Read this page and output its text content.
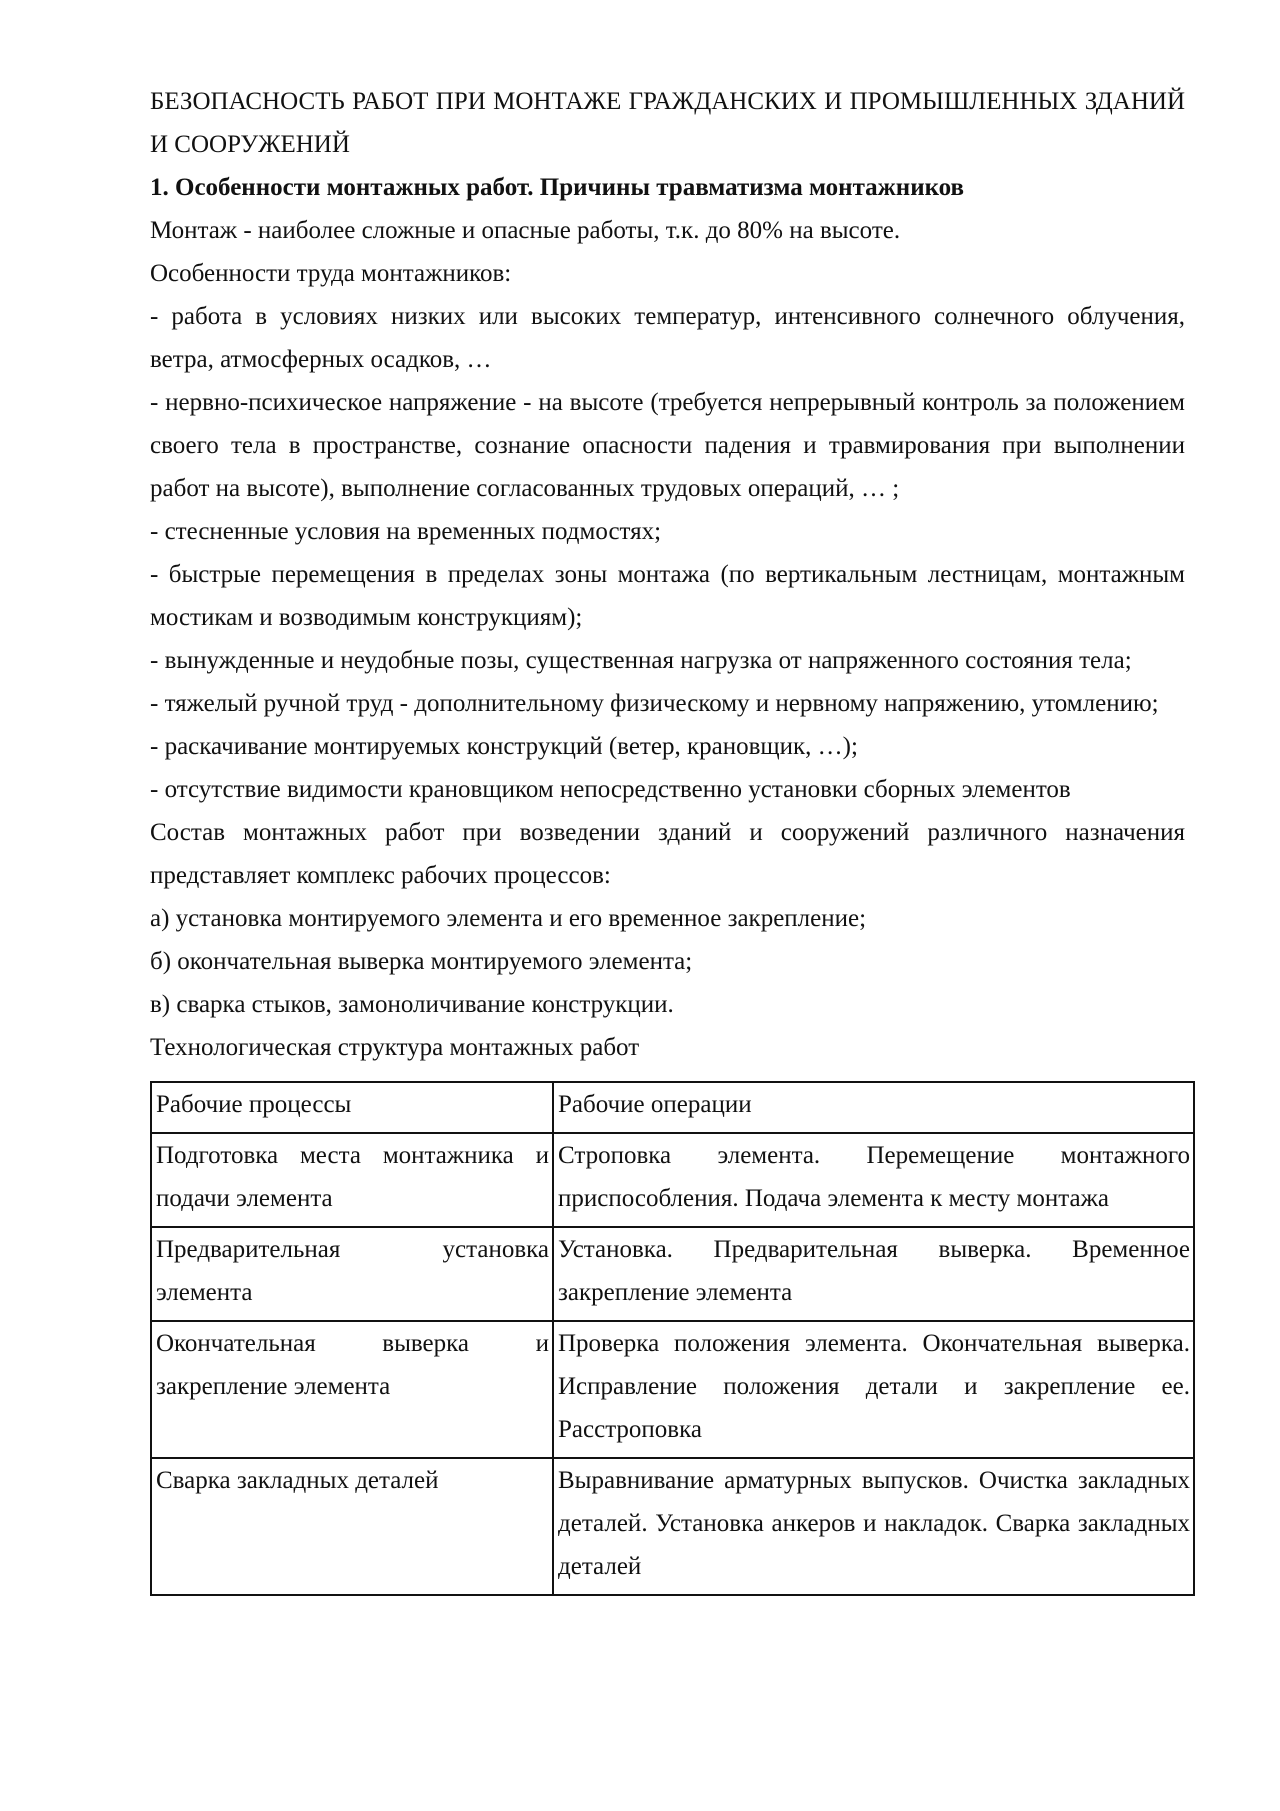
БЕЗОПАСНОСТЬ РАБОТ ПРИ МОНТАЖЕ ГРАЖДАНСКИХ И ПРОМЫШЛЕННЫХ ЗДАНИЙ И СООРУЖЕНИЙ

1. Особенности монтажных работ. Причины травматизма монтажников

Монтаж - наиболее сложные и опасные работы, т.к. до 80% на высоте.

Особенности труда монтажников:

- работа в условиях низких или высоких температур, интенсивного солнечного облучения, ветра, атмосферных осадков, …

- нервно-психическое напряжение - на высоте (требуется непрерывный контроль за положением своего тела в пространстве, сознание опасности падения и травмирования при выполнении работ на высоте), выполнение согласованных трудовых операций, … ;

- стесненные условия на временных подмостях;

- быстрые перемещения в пределах зоны монтажа (по вертикальным лестницам, монтажным мостикам и возводимым конструкциям);

- вынужденные и неудобные позы, существенная нагрузка от напряженного состояния тела;

- тяжелый ручной труд - дополнительному физическому и нервному напряжению, утомлению;

- раскачивание монтируемых конструкций (ветер, крановщик, …);

- отсутствие видимости крановщиком непосредственно установки сборных элементов

Состав монтажных работ при возведении зданий и сооружений различного назначения представляет комплекс рабочих процессов:

а) установка монтируемого элемента и его временное закрепление;

б) окончательная выверка монтируемого элемента;

в) сварка стыков, замоноличивание конструкции.

Технологическая структура монтажных работ

Рабочие процессы	Рабочие операции
Подготовка места монтажника и подачи элемента	Строповка элемента. Перемещение монтажного приспособления. Подача элемента к месту монтажа
Предварительная установка элемента	Установка. Предварительная выверка. Временное закрепление элемента
Окончательная выверка и закрепление элемента	Проверка положения элемента. Окончательная выверка. Исправление положения детали и закрепление ее. Расстроповка
Сварка закладных деталей	Выравнивание арматурных выпусков. Очистка закладных деталей. Установка анкеров и накладок. Сварка закладных деталей
